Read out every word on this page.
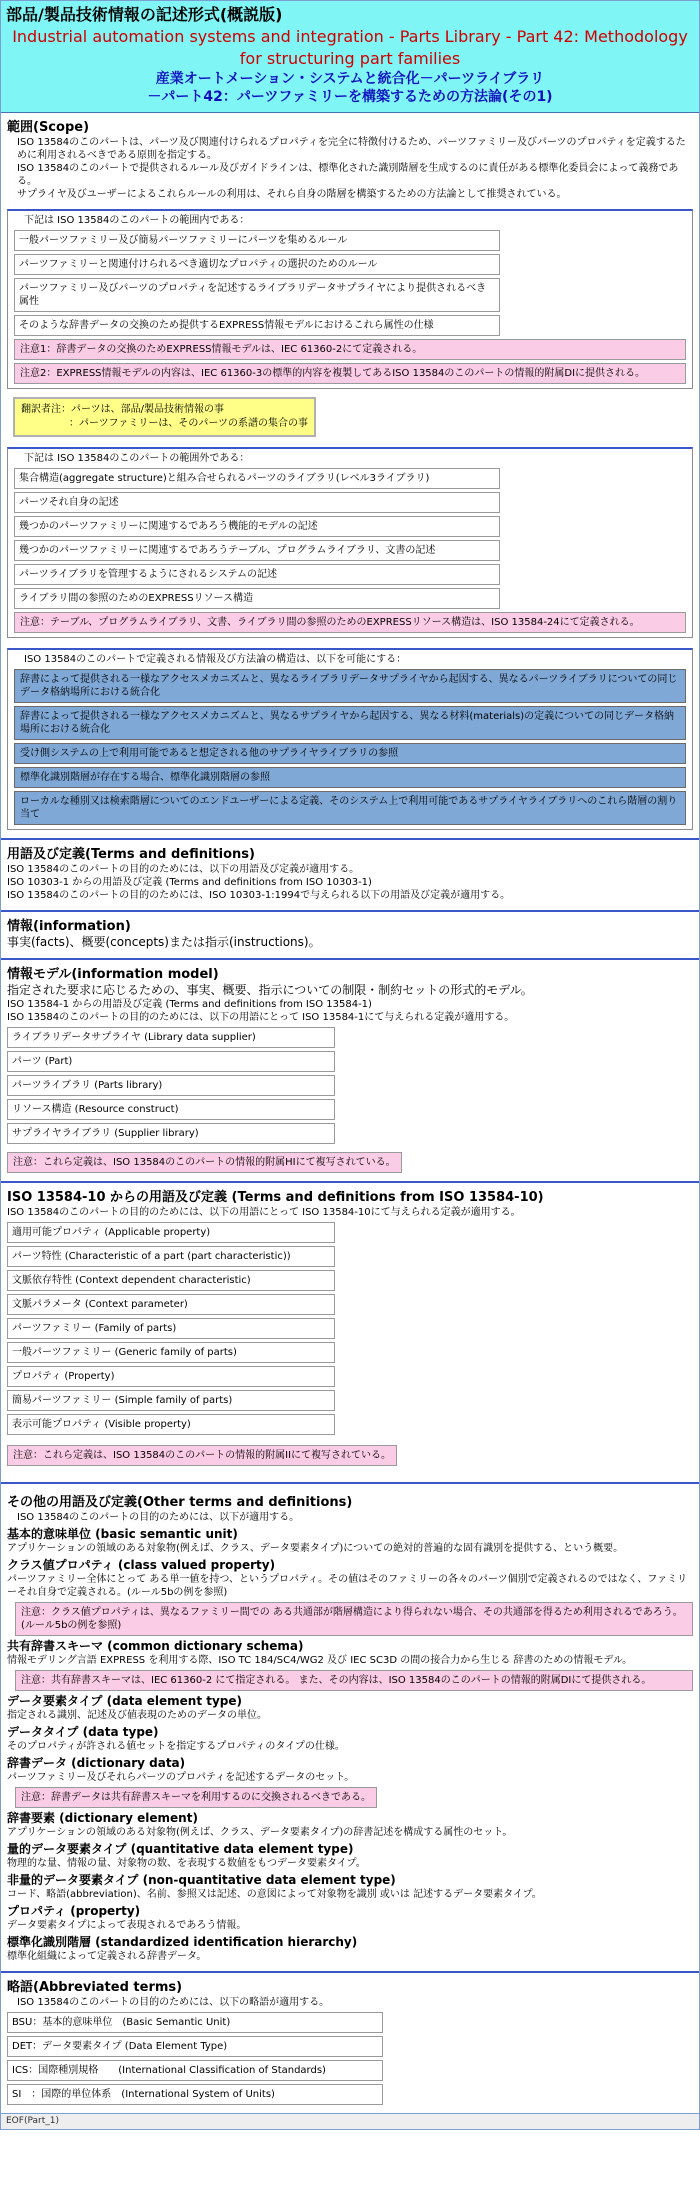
部品/製品技術情報の記述形式(概説版)
Industrial automation systems and integration - Parts Library - Part 42: Methodology for structuring part families
産業オートメーション・システムと統合化－パーツライブラリ
－パート42：パーツファミリーを構築するための方法論(その1)
範囲(Scope)
ISO 13584のこのパートは、パーツ及び関連付けられるプロパティを完全に特徴付けるため、パーツファミリー及びパーツのプロパティを定義するために利用されるべきである原則を指定する。
ISO 13584のこのパートで提供されるルール及びガイドラインは、標準化された識別階層を生成するのに責任がある標準化委員会によって義務である。
サプライヤ及びユーザーによるこれらルールの利用は、それら自身の階層を構築するための方法論として推奨されている。
下記は ISO 13584のこのパートの範囲内である：
一般パーツファミリー及び簡易パーツファミリーにパーツを集めるルール
パーツファミリーと関連付けられるべき適切なプロパティの選択のためのルール
パーツファミリー及びパーツのプロパティを記述するライブラリデータサプライヤにより提供されるべき属性
そのような辞書データの交換のため提供するEXPRESS情報モデルにおけるこれら属性の仕様
注意1：辞書データの交換のためEXPRESS情報モデルは、IEC 61360-2にて定義される。
注意2：EXPRESS情報モデルの内容は、IEC 61360-3の標準的内容を複製してあるISO 13584のこのパートの情報的附属DIに提供される。
翻訳者注：パーツは、部品/製品技術情報の事
：パーツファミリーは、そのパーツの系譜の集合の事
下記は ISO 13584のこのパートの範囲外である：
集合構造(aggregate structure)と組み合せられるパーツのライブラリ(レベル3ライブラリ)
パーツそれ自身の記述
幾つかのパーツファミリーに関連するであろう機能的モデルの記述
幾つかのパーツファミリーに関連するであろうテーブル、プログラムライブラリ、文書の記述
パーツライブラリを管理するようにされるシステムの記述
ライブラリ間の参照のためのEXPRESSリソース構造
注意：テーブル、プログラムライブラリ、文書、ライブラリ間の参照のためのEXPRESSリソース構造は、ISO 13584-24にて定義される。
ISO 13584のこのパートで定義される情報及び方法論の構造は、以下を可能にする：
辞書によって提供される一様なアクセスメカニズムと、異なるライブラリデータサプライヤから起因する、異なるパーツライブラリについての同じデータ格納場所における統合化
辞書によって提供される一様なアクセスメカニズムと、異なるサプライヤから起因する、異なる材料(materials)の定義についての同じデータ格納場所における統合化
受け側システムの上で利用可能であると想定される他のサプライヤライブラリの参照
標準化識別階層が存在する場合、標準化識別階層の参照
ローカルな種別又は検索階層についてのエンドユーザーによる定義、そのシステム上で利用可能であるサプライヤライブラリへのこれら階層の割り当て
用語及び定義(Terms and definitions)
ISO 13584のこのパートの目的のためには、以下の用語及び定義が適用する。
ISO 10303-1 からの用語及び定義 (Terms and definitions from ISO 10303-1)
ISO 13584のこのパートの目的のためには、ISO 10303-1:1994で与えられる以下の用語及び定義が適用する。
情報(information)
事実(facts)、概要(concepts)または指示(instructions)。
情報モデル(information model)
指定された要求に応じるための、事実、概要、指示についての制限・制約セットの形式的モデル。
ISO 13584-1 からの用語及び定義 (Terms and definitions from ISO 13584-1)
ISO 13584のこのパートの目的のためには、以下の用語にとって ISO 13584-1にて与えられる定義が適用する。
ライブラリデータサプライヤ (Library data supplier)
パーツ (Part)
パーツライブラリ (Parts library)
リソース構造 (Resource construct)
サプライヤライブラリ (Supplier library)
注意：これら定義は、ISO 13584のこのパートの情報的附属HIにて複写されている。
ISO 13584-10 からの用語及び定義 (Terms and definitions from ISO 13584-10)
ISO 13584のこのパートの目的のためには、以下の用語にとって ISO 13584-10にて与えられる定義が適用する。
適用可能プロパティ (Applicable property)
パーツ特性 (Characteristic of a part (part characteristic))
文脈依存特性 (Context dependent characteristic)
文脈パラメータ (Context parameter)
パーツファミリー (Family of parts)
一般パーツファミリー (Generic family of parts)
プロパティ (Property)
簡易パーツファミリー (Simple family of parts)
表示可能プロパティ (Visible property)
注意：これら定義は、ISO 13584のこのパートの情報的附属IIにて複写されている。
その他の用語及び定義(Other terms and definitions)
ISO 13584のこのパートの目的のためには、以下が適用する。
基本的意味単位 (basic semantic unit)
アプリケーションの領域のある対象物(例えば、クラス、データ要素タイプ)についての絶対的普遍的な固有識別を提供する、という概要。
クラス値プロパティ (class valued property)
パーツファミリー全体にとって ある単一値を持つ、というプロパティ。その値はそのファミリーの各々のパーツ個別で定義されるのではなく、ファミリーそれ自身で定義される。(ルール5bの例を参照)
注意：クラス値プロパティは、異なるファミリー間での ある共通部が階層構造により得られない場合、その共通部を得るため利用されるであろう。(ルール5bの例を参照)
共有辞書スキーマ (common dictionary schema)
情報モデリング言語 EXPRESS を利用する際、ISO TC 184/SC4/WG2 及び IEC SC3D の間の接合力から生じる 辞書のための情報モデル。
注意：共有辞書スキーマは、IEC 61360-2 にて指定される。 また、その内容は、ISO 13584のこのパートの情報的附属DIにて提供される。
データ要素タイプ (data element type)
指定される識別、記述及び値表現のためのデータの単位。
データタイプ (data type)
そのプロパティが許される値セットを指定するプロパティのタイプの仕様。
辞書データ (dictionary data)
パーツファミリー及びそれらパーツのプロパティを記述するデータのセット。
注意：辞書データは共有辞書スキーマを利用するのに交換されるべきである。
辞書要素 (dictionary element)
アプリケーションの領域のある対象物(例えば、クラス、データ要素タイプ)の辞書記述を構成する属性のセット。
量的データ要素タイプ (quantitative data element type)
物理的な量、情報の量、対象物の数、を表現する数値をもつデータ要素タイプ。
非量的データ要素タイプ (non-quantitative data element type)
コード、略語(abbreviation)、名前、参照又は記述、の意図によって対象物を識別 或いは 記述するデータ要素タイプ。
プロパティ (property)
データ要素タイプによって表現されるであろう情報。
標準化識別階層 (standardized identification hierarchy)
標準化組織によって定義される辞書データ。
略語(Abbreviated terms)
ISO 13584のこのパートの目的のためには、以下の略語が適用する。
BSU：基本的意味単位　(Basic Semantic Unit)
DET：データ要素タイプ (Data Element Type)
ICS：国際種別規格　　(International Classification of Standards)
SI　：国際的単位体系　(International System of Units)
EOF(Part_1)
